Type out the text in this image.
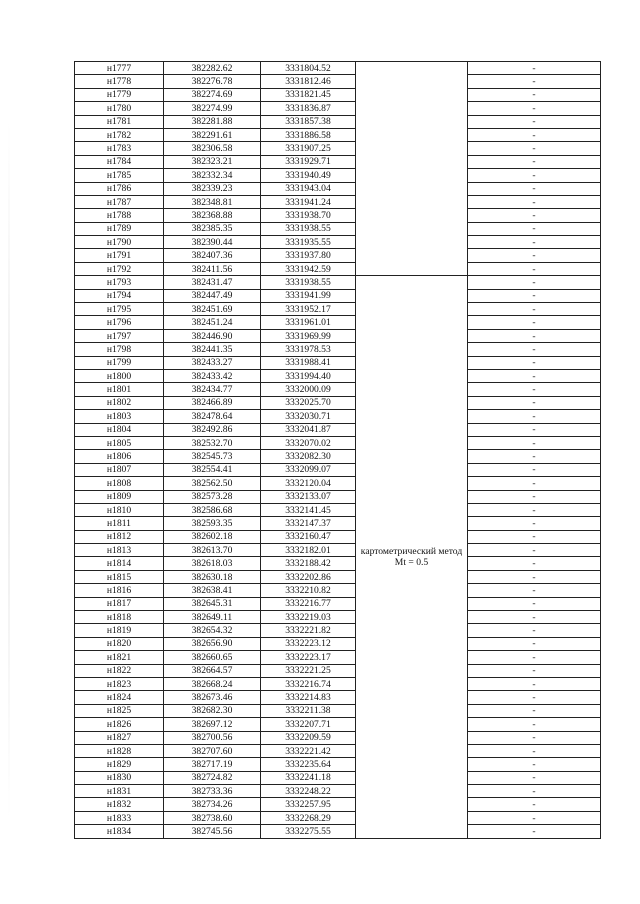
н1777	382282.62	3331804.52		-
н1778	382276.78	3331812.46		-
н1779	382274.69	3331821.45		-
н1780	382274.99	3331836.87		-
н1781	382281.88	3331857.38		-
н1782	382291.61	3331886.58		-
н1783	382306.58	3331907.25		-
н1784	382323.21	3331929.71		-
н1785	382332.34	3331940.49		-
н1786	382339.23	3331943.04		-
н1787	382348.81	3331941.24		-
н1788	382368.88	3331938.70		-
н1789	382385.35	3331938.55		-
н1790	382390.44	3331935.55		-
н1791	382407.36	3331937.80		-
н1792	382411.56	3331942.59		-
н1793	382431.47	3331938.55	картометрический метод Mt = 0.5	-
н1794	382447.49	3331941.99		-
н1795	382451.69	3331952.17		-
н1796	382451.24	3331961.01		-
н1797	382446.90	3331969.99		-
н1798	382441.35	3331978.53		-
н1799	382433.27	3331988.41		-
н1800	382433.42	3331994.40		-
н1801	382434.77	3332000.09		-
н1802	382466.89	3332025.70		-
н1803	382478.64	3332030.71		-
н1804	382492.86	3332041.87		-
н1805	382532.70	3332070.02		-
н1806	382545.73	3332082.30		-
н1807	382554.41	3332099.07		-
н1808	382562.50	3332120.04		-
н1809	382573.28	3332133.07		-
н1810	382586.68	3332141.45		-
н1811	382593.35	3332147.37		-
н1812	382602.18	3332160.47		-
н1813	382613.70	3332182.01		-
н1814	382618.03	3332188.42		-
н1815	382630.18	3332202.86		-
н1816	382638.41	3332210.82		-
н1817	382645.31	3332216.77		-
н1818	382649.11	3332219.03		-
н1819	382654.32	3332221.82		-
н1820	382656.90	3332223.12		-
н1821	382660.65	3332223.17		-
н1822	382664.57	3332221.25		-
н1823	382668.24	3332216.74		-
н1824	382673.46	3332214.83		-
н1825	382682.30	3332211.38		-
н1826	382697.12	3332207.71		-
н1827	382700.56	3332209.59		-
н1828	382707.60	3332221.42		-
н1829	382717.19	3332235.64		-
н1830	382724.82	3332241.18		-
н1831	382733.36	3332248.22		-
н1832	382734.26	3332257.95		-
н1833	382738.60	3332268.29		-
н1834	382745.56	3332275.55		-
